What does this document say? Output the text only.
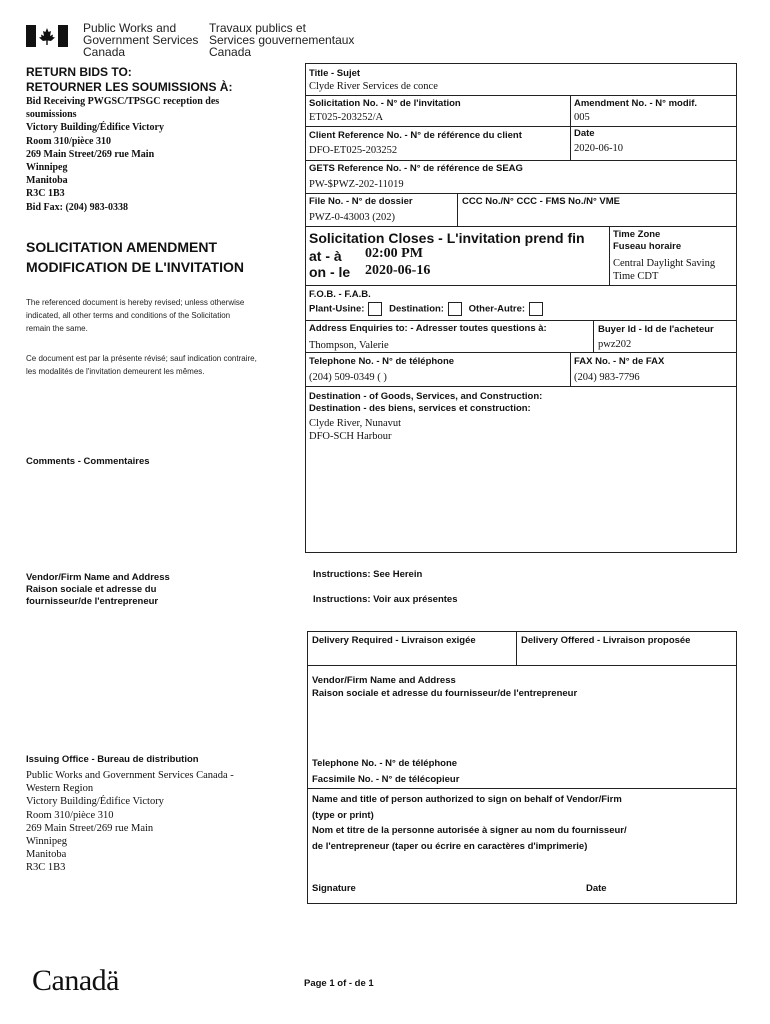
Public Works and
Government Services
Canada
Travaux publics et
Services gouvernementaux
Canada
RETURN BIDS TO:
RETOURNER LES SOUMISSIONS À:
Bid Receiving PWGSC/TPSGC reception des
soumissions
Victory Building/Édifice Victory
Room 310/pièce 310
269 Main Street/269 rue Main
Winnipeg
Manitoba
R3C 1B3
Bid Fax: (204) 983-0338
SOLICITATION AMENDMENT
MODIFICATION DE L'INVITATION
The referenced document is hereby revised; unless otherwise
indicated, all other terms and conditions of the Solicitation
remain the same.
Ce document est par la présente révisé; sauf indication contraire,
les modalités de l'invitation demeurent les mêmes.
Comments - Commentaires
Vendor/Firm Name and Address
Raison sociale et adresse du
fournisseur/de l'entrepreneur
Issuing Office - Bureau de distribution
Public Works and Government Services Canada -
Western Region
Victory Building/Édifice Victory
Room 310/pièce 310
269 Main Street/269 rue Main
Winnipeg
Manitoba
R3C 1B3
Title - Sujet
Clyde River Services de conce
Solicitation No. - N° de l'invitation
ET025-203252/A
Amendment No. - N° modif.
005
Client Reference No. - N° de référence du client
DFO-ET025-203252
Date
2020-06-10
GETS Reference No. - N° de référence de SEAG
PW-$PWZ-202-11019
File No. - N° de dossier
PWZ-0-43003 (202)
CCC No./N° CCC - FMS No./N° VME
Solicitation Closes - L'invitation prend fin
at - à 02:00 PM
on - le 2020-06-16
Time Zone
Fuseau horaire
Central Daylight Saving
Time CDT
F.O.B. - F.A.B.
Plant-Usine:	Destination:	Other-Autre:
Address Enquiries to: - Adresser toutes questions à:
Thompson, Valerie
Buyer Id - Id de l'acheteur
pwz202
Telephone No. - N° de téléphone
(204) 509-0349 ( )
FAX No. - N° de FAX
(204) 983-7796
Destination - of Goods, Services, and Construction:
Destination - des biens, services et construction:
Clyde River, Nunavut
DFO-SCH Harbour
Instructions: See Herein
Instructions: Voir aux présentes
Delivery Required - Livraison exigée	Delivery Offered - Livraison proposée
Vendor/Firm Name and Address
Raison sociale et adresse du fournisseur/de l'entrepreneur
Telephone No. - N° de téléphone
Facsimile No. - N° de télécopieur
Name and title of person authorized to sign on behalf of Vendor/Firm
(type or print)
Nom et titre de la personne autorisée à signer au nom du fournisseur/
de l'entrepreneur (taper ou écrire en caractères d'imprimerie)
Signature	Date
Canadä	Page 1 of - de 1
